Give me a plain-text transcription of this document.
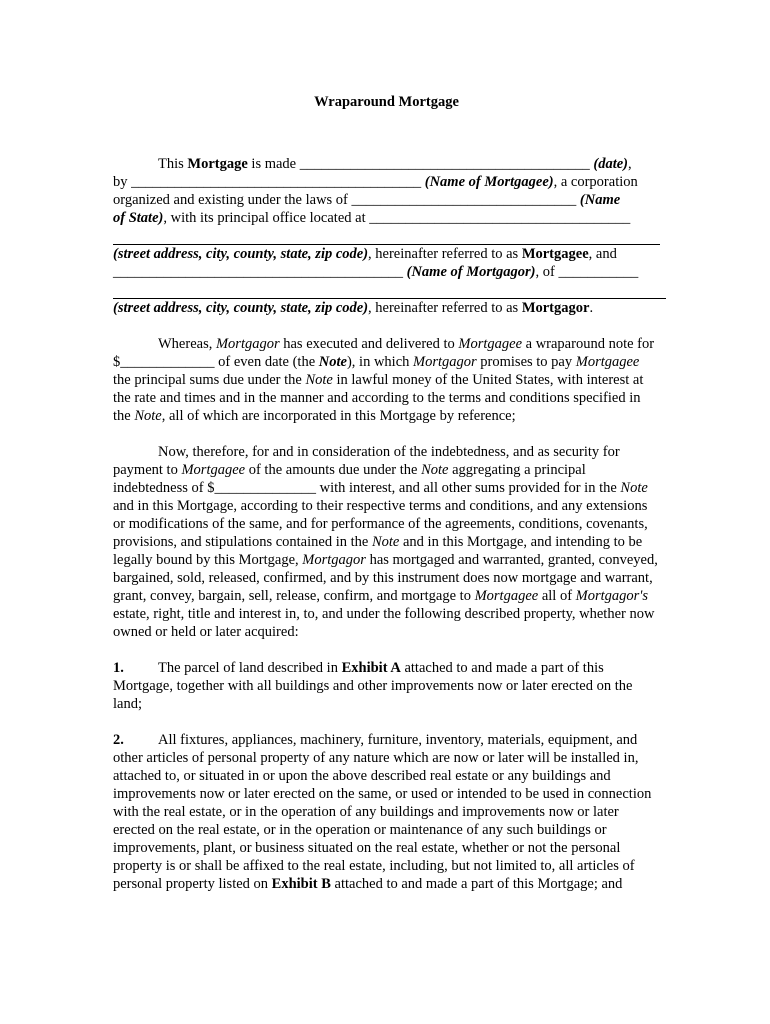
Wraparound Mortgage

This Mortgage is made ________________________________________ (date),
by ________________________________________ (Name of Mortgagee), a corporation
organized and existing under the laws of _______________________________ (Name
of State), with its principal office located at ____________________________________
(street address, city, county, state, zip code), hereinafter referred to as Mortgagee, and
________________________________________ (Name of Mortgagor), of ___________
(street address, city, county, state, zip code), hereinafter referred to as Mortgagor.

Whereas, Mortgagor has executed and delivered to Mortgagee a wraparound note for $_____________ of even date (the Note), in which Mortgagor promises to pay Mortgagee the principal sums due under the Note in lawful money of the United States, with interest at the rate and times and in the manner and according to the terms and conditions specified in the Note, all of which are incorporated in this Mortgage by reference;

Now, therefore, for and in consideration of the indebtedness, and as security for payment to Mortgagee of the amounts due under the Note aggregating a principal indebtedness of $______________ with interest, and all other sums provided for in the Note and in this Mortgage, according to their respective terms and conditions, and any extensions or modifications of the same, and for performance of the agreements, conditions, covenants, provisions, and stipulations contained in the Note and in this Mortgage, and intending to be legally bound by this Mortgage, Mortgagor has mortgaged and warranted, granted, conveyed, bargained, sold, released, confirmed, and by this instrument does now mortgage and warrant, grant, convey, bargain, sell, release, confirm, and mortgage to Mortgagee all of Mortgagor's estate, right, title and interest in, to, and under the following described property, whether now owned or held or later acquired:

1. The parcel of land described in Exhibit A attached to and made a part of this Mortgage, together with all buildings and other improvements now or later erected on the land;

2. All fixtures, appliances, machinery, furniture, inventory, materials, equipment, and other articles of personal property of any nature which are now or later will be installed in, attached to, or situated in or upon the above described real estate or any buildings and improvements now or later erected on the same, or used or intended to be used in connection with the real estate, or in the operation of any buildings and improvements now or later erected on the real estate, or in the operation or maintenance of any such buildings or improvements, plant, or business situated on the real estate, whether or not the personal property is or shall be affixed to the real estate, including, but not limited to, all articles of personal property listed on Exhibit B attached to and made a part of this Mortgage; and
